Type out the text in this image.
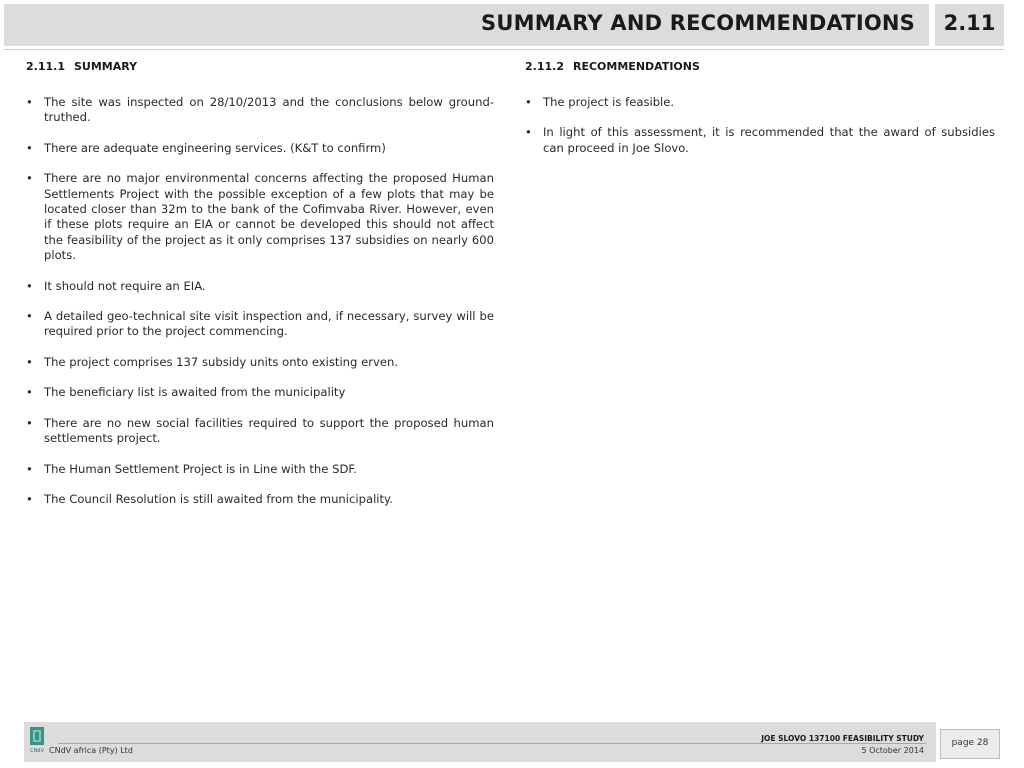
SUMMARY AND RECOMMENDATIONS	2.11
2.11.1 SUMMARY
• The site was inspected on 28/10/2013 and the conclusions below ground-truthed.
• There are adequate engineering services. (K&T to confirm)
• There are no major environmental concerns affecting the proposed Human Settlements Project with the possible exception of a few plots that may be located closer than 32m to the bank of the Cofimvaba River. However, even if these plots require an EIA or cannot be developed this should not affect the feasibility of the project as it only comprises 137 subsidies on nearly 600 plots.
• It should not require an EIA.
• A detailed geo-technical site visit inspection and, if necessary, survey will be required prior to the project commencing.
• The project comprises 137 subsidy units onto existing erven.
• The beneficiary list is awaited from the municipality
• There are no new social facilities required to support the proposed human settlements project.
• The Human Settlement Project is in Line with the SDF.
• The Council Resolution is still awaited from the municipality.
2.11.2 RECOMMENDATIONS
• The project is feasible.
• In light of this assessment, it is recommended that the award of subsidies can proceed in Joe Slovo.
CNdV CNdV africa (Pty) Ltd
JOE SLOVO 137100 FEASIBILITY STUDY
5 October 2014
page 28
